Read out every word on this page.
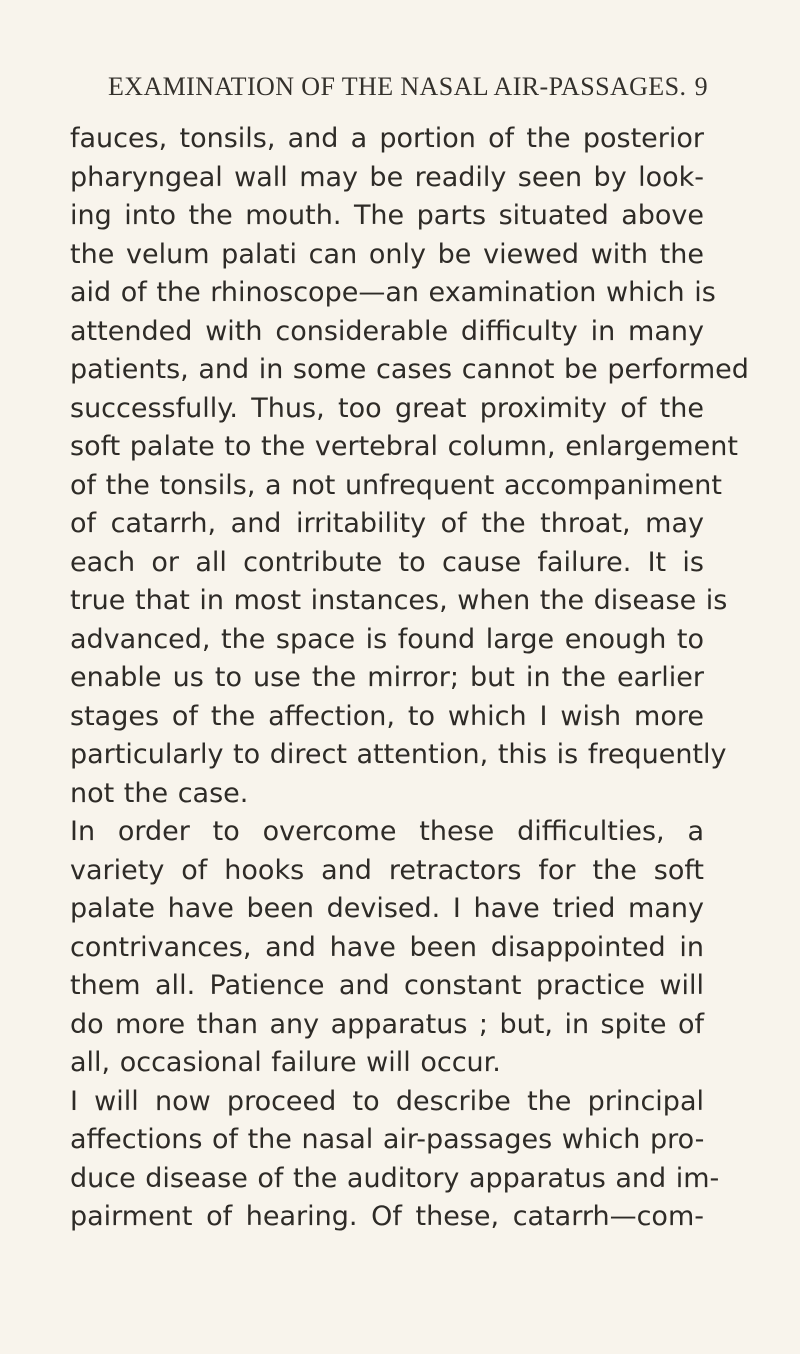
EXAMINATION OF THE NASAL AIR-PASSAGES. 9
fauces, tonsils, and a portion of the posterior
pharyngeal wall may be readily seen by look-
ing into the mouth. The parts situated above
the velum palati can only be viewed with the
aid of the rhinoscope—an examination which is
attended with considerable difficulty in many
patients, and in some cases cannot be performed
successfully. Thus, too great proximity of the
soft palate to the vertebral column, enlargement
of the tonsils, a not unfrequent accompaniment
of catarrh, and irritability of the throat, may
each or all contribute to cause failure. It is
true that in most instances, when the disease is
advanced, the space is found large enough to
enable us to use the mirror; but in the earlier
stages of the affection, to which I wish more
particularly to direct attention, this is frequently
not the case.
In order to overcome these difficulties, a
variety of hooks and retractors for the soft
palate have been devised. I have tried many
contrivances, and have been disappointed in
them all. Patience and constant practice will
do more than any apparatus ; but, in spite of
all, occasional failure will occur.
I will now proceed to describe the principal
affections of the nasal air-passages which pro-
duce disease of the auditory apparatus and im-
pairment of hearing. Of these, catarrh—com-
